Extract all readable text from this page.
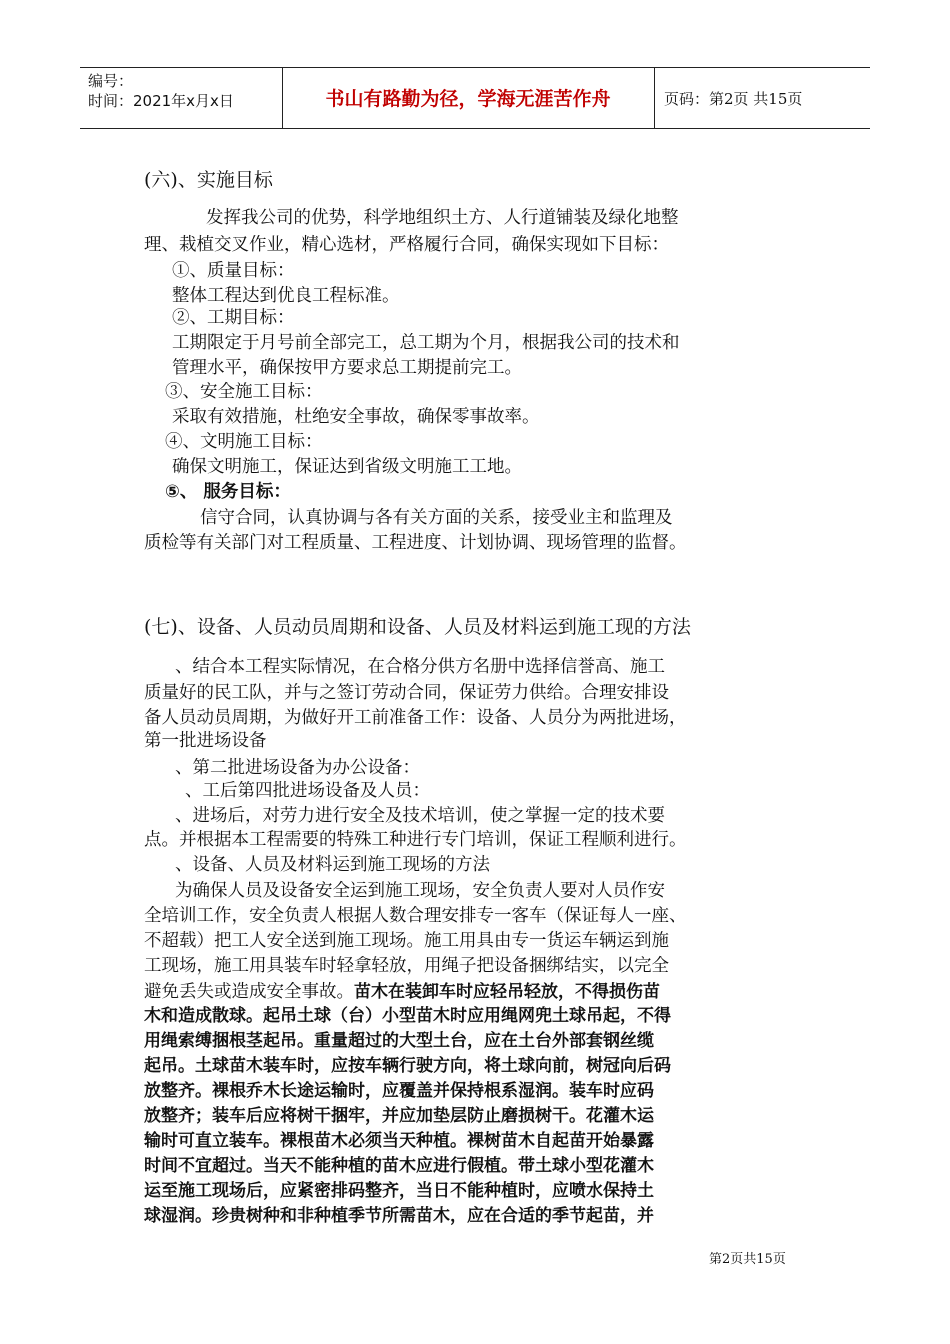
编号：
时间：2021年x月x日	书山有路勤为径，学海无涯苦作舟	页码：第2页 共15页
(六)、实施目标
发挥我公司的优势，科学地组织土方、人行道铺装及绿化地整
理、栽植交叉作业，精心选材，严格履行合同，确保实现如下目标：
①、质量目标：
整体工程达到优良工程标准。
②、工期目标：
工期限定于月号前全部完工，总工期为个月，根据我公司的技术和
管理水平，确保按甲方要求总工期提前完工。
③、安全施工目标：
采取有效措施，杜绝安全事故，确保零事故率。
④、文明施工目标：
确保文明施工，保证达到省级文明施工工地。
⑤、 服务目标：
信守合同，认真协调与各有关方面的关系，接受业主和监理及
质检等有关部门对工程质量、工程进度、计划协调、现场管理的监督。
(七)、设备、人员动员周期和设备、人员及材料运到施工现的方法
、结合本工程实际情况，在合格分供方名册中选择信誉高、施工
质量好的民工队，并与之签订劳动合同，保证劳力供给。合理安排设
备人员动员周期，为做好开工前准备工作：设备、人员分为两批进场，
第一批进场设备
、第二批进场设备为办公设备：
、工后第四批进场设备及人员：
、进场后，对劳力进行安全及技术培训，使之掌握一定的技术要
点。并根据本工程需要的特殊工种进行专门培训，保证工程顺利进行。
、设备、人员及材料运到施工现场的方法
为确保人员及设备安全运到施工现场，安全负责人要对人员作安
全培训工作，安全负责人根据人数合理安排专一客车（保证每人一座、
不超载）把工人安全送到施工现场。施工用具由专一货运车辆运到施
工现场，施工用具装车时轻拿轻放，用绳子把设备捆绑结实，以完全
避免丢失或造成安全事故。苗木在装卸车时应轻吊轻放，不得损伤苗
木和造成散球。起吊土球（台）小型苗木时应用绳网兜土球吊起，不得
用绳索缚捆根茎起吊。重量超过的大型土台，应在土台外部套钢丝缆
起吊。土球苗木装车时，应按车辆行驶方向，将土球向前，树冠向后码
放整齐。裸根乔木长途运输时，应覆盖并保持根系湿润。装车时应码
放整齐；装车后应将树干捆牢，并应加垫层防止磨损树干。花灌木运
输时可直立装车。裸根苗木必须当天种植。裸树苗木自起苗开始暴露
时间不宜超过。当天不能种植的苗木应进行假植。带土球小型花灌木
运至施工现场后，应紧密排码整齐，当日不能种植时，应喷水保持土
球湿润。珍贵树种和非种植季节所需苗木，应在合适的季节起苗，并
第2页共15页
